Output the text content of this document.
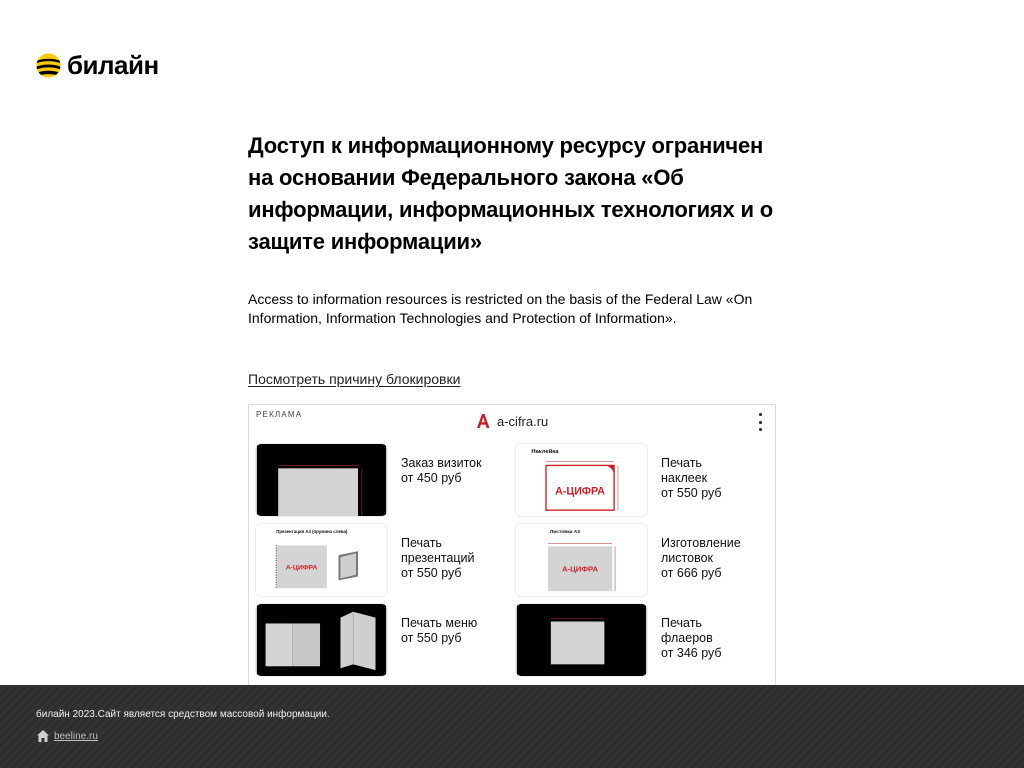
билайн
Доступ к информационному ресурсу ограничен на основании Федерального закона «Об информации, информационных технологиях и о защите информации»
Access to information resources is restricted on the basis of the Federal Law «On Information, Information Technologies and Protection of Information».
Посмотреть причину блокировки
РЕКЛАМА	a-cifra.ru
Заказ визиток
от 450 руб
Наклейка
А-ЦИФРА
Печать
наклеек
от 550 руб
Презентация А4 (пружина слева)
А-ЦИФРА
Печать
презентаций
от 550 руб
Листовка А3
А-ЦИФРА
Изготовление
листовок
от 666 руб
Печать меню
от 550 руб
Печать
флаеров
от 346 руб
билайн 2023.Сайт является средством массовой информации.
beeline.ru
